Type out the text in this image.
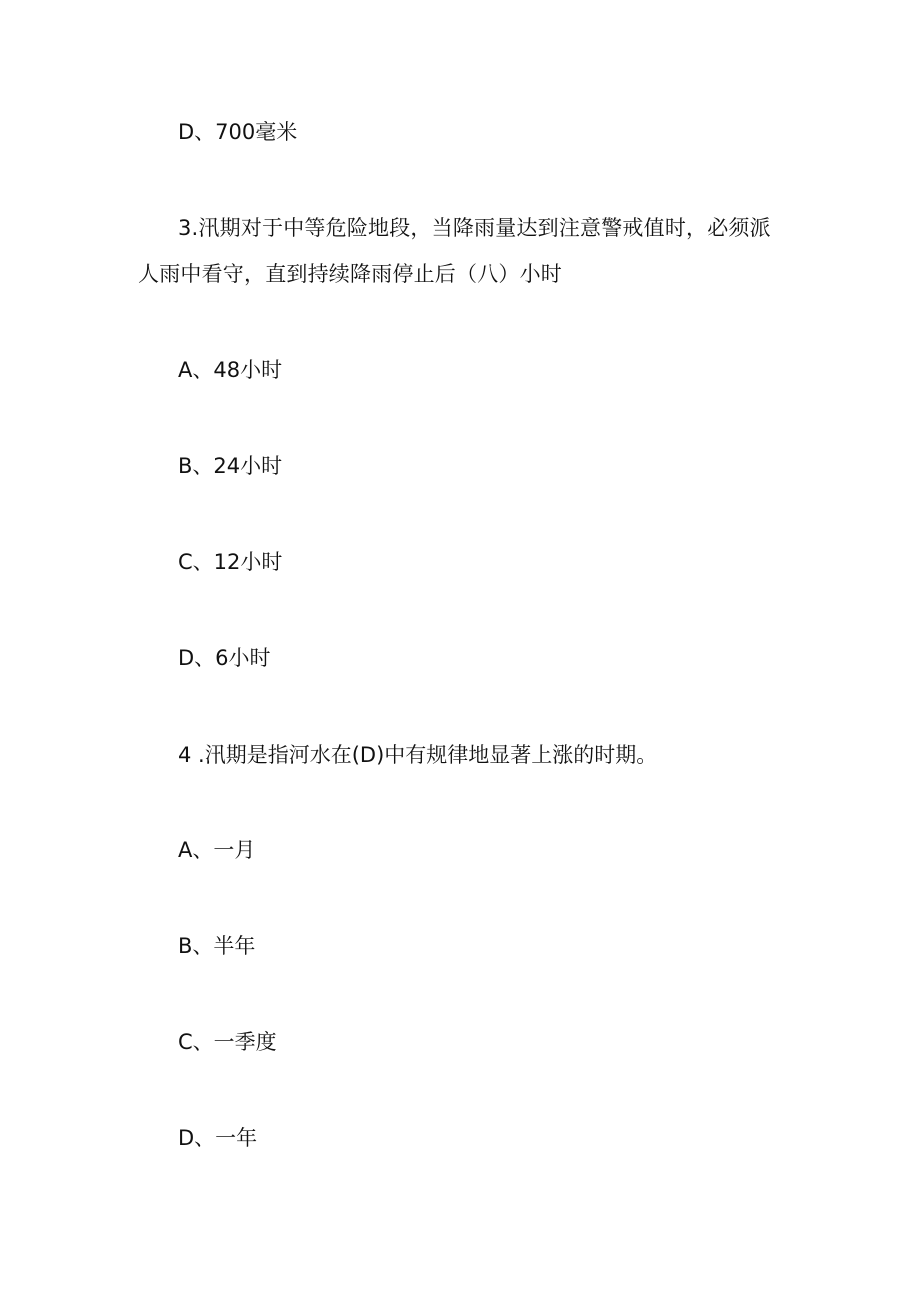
D、700毫米
3.汛期对于中等危险地段，当降雨量达到注意警戒值时，必须派人雨中看守，直到持续降雨停止后（八）小时
A、48小时
B、24小时
C、12小时
D、6小时
4 .汛期是指河水在(D)中有规律地显著上涨的时期。
A、一月
B、半年
C、一季度
D、一年
